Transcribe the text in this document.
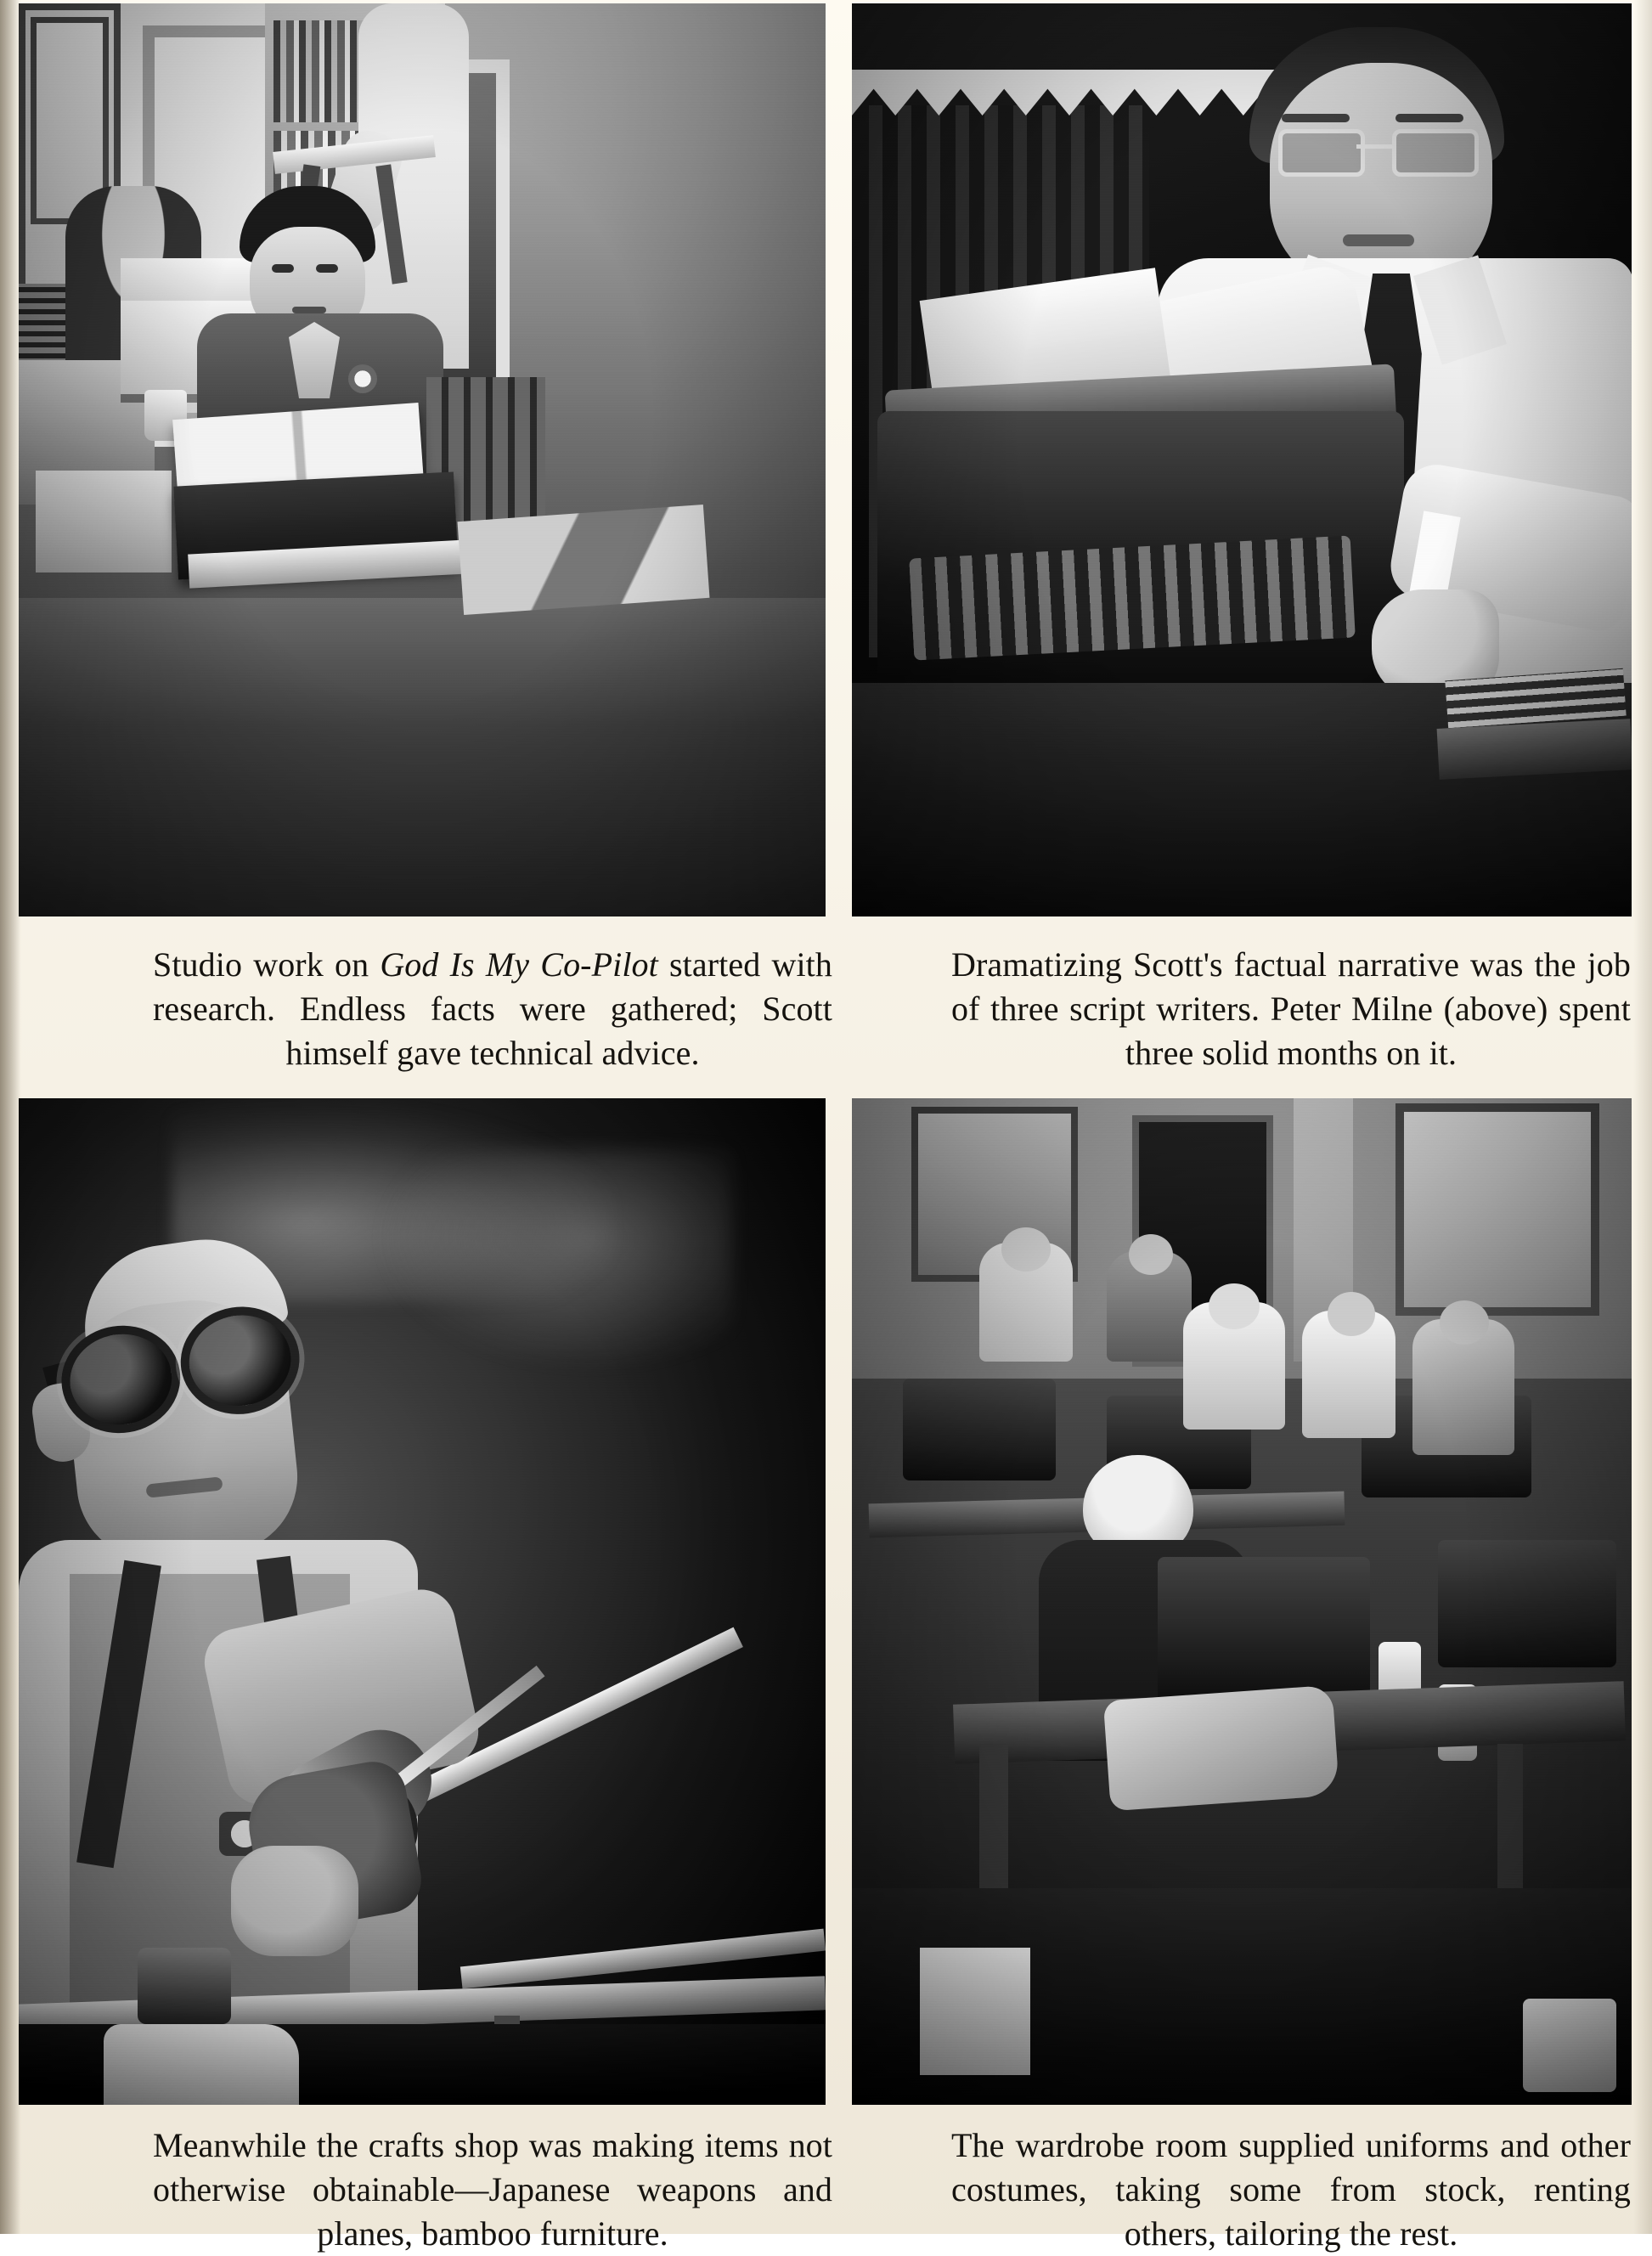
Studio work on God Is My Co-Pilot started with research. Endless facts were gathered; Scott himself gave technical advice.

Dramatizing Scott's factual narrative was the job of three script writers. Peter Milne (above) spent three solid months on it.

Meanwhile the crafts shop was making items not otherwise obtainable—Japanese weapons and planes, bamboo furniture.

The wardrobe room supplied uniforms and other costumes, taking some from stock, renting others, tailoring the rest.
